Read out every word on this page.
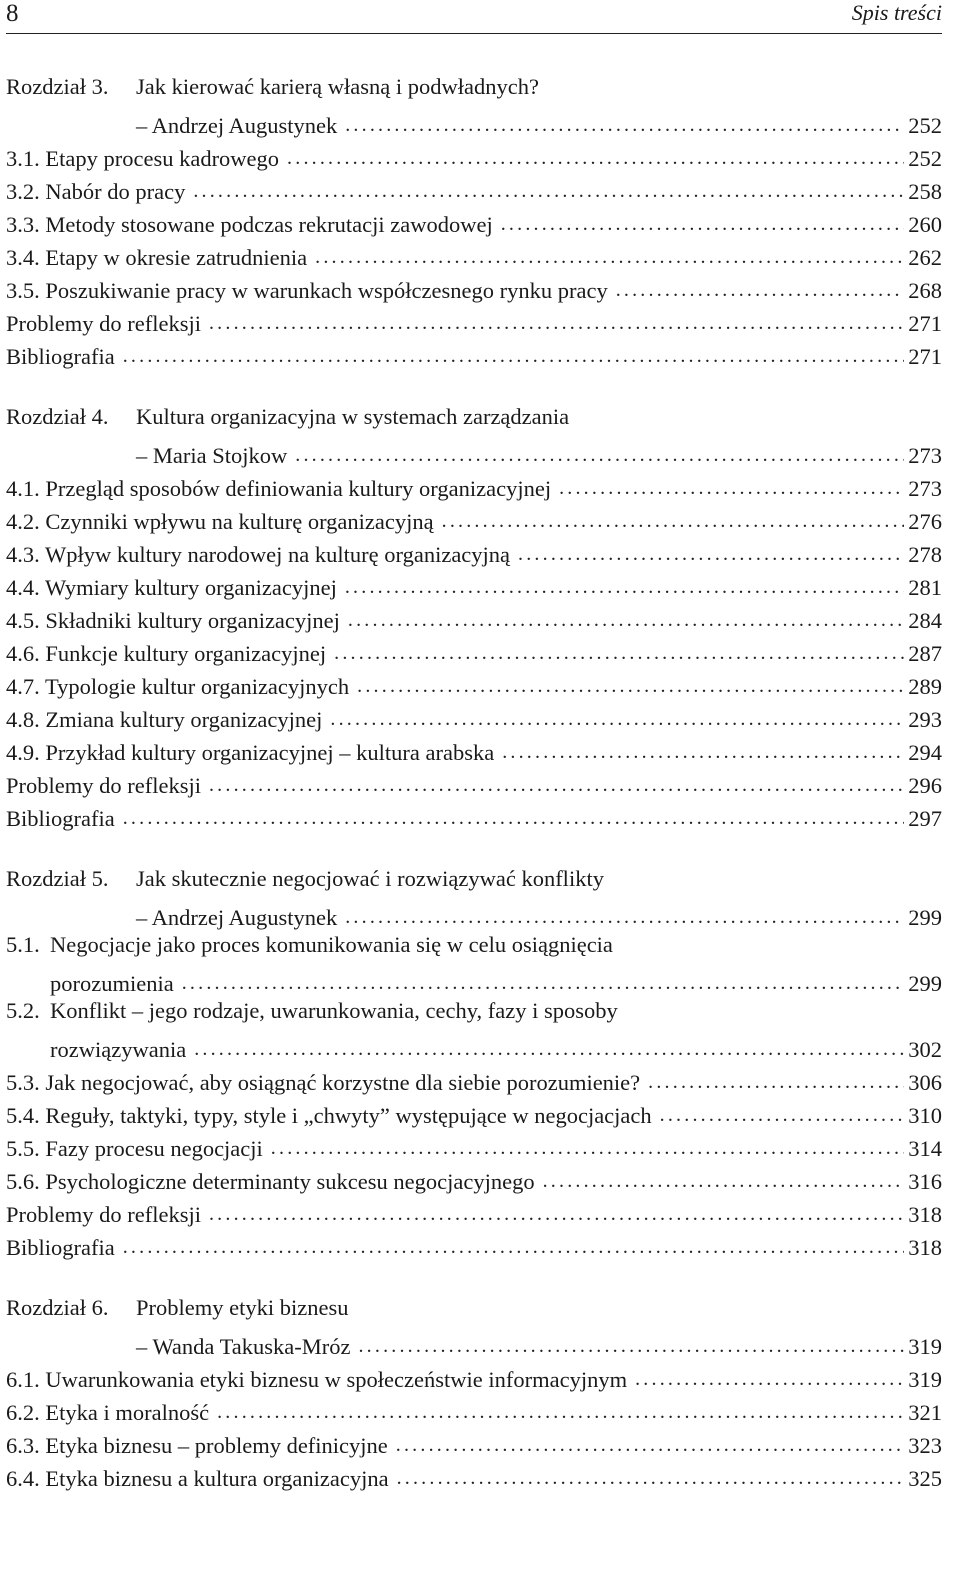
8	Spis treści
Rozdział 3. Jak kierować karierą własną i podwładnych?
– Andrzej Augustynek .....	252
3.1. Etapy procesu kadrowego .....	252
3.2. Nabór do pracy .....	258
3.3. Metody stosowane podczas rekrutacji zawodowej .....	260
3.4. Etapy w okresie zatrudnienia .....	262
3.5. Poszukiwanie pracy w warunkach współczesnego rynku pracy .....	268
Problemy do refleksji .....	271
Bibliografia .....	271
Rozdział 4. Kultura organizacyjna w systemach zarządzania
– Maria Stojkow .....	273
4.1. Przegląd sposobów definiowania kultury organizacyjnej .....	273
4.2. Czynniki wpływu na kulturę organizacyjną .....	276
4.3. Wpływ kultury narodowej na kulturę organizacyjną .....	278
4.4. Wymiary kultury organizacyjnej .....	281
4.5. Składniki kultury organizacyjnej .....	284
4.6. Funkcje kultury organizacyjnej .....	287
4.7. Typologie kultur organizacyjnych .....	289
4.8. Zmiana kultury organizacyjnej .....	293
4.9. Przykład kultury organizacyjnej – kultura arabska .....	294
Problemy do refleksji .....	296
Bibliografia .....	297
Rozdział 5. Jak skutecznie negocjować i rozwiązywać konflikty
– Andrzej Augustynek .....	299
5.1. Negocjacje jako proces komunikowania się w celu osiągnięcia
porozumienia .....	299
5.2. Konflikt – jego rodzaje, uwarunkowania, cechy, fazy i sposoby
rozwiązywania .....	302
5.3. Jak negocjować, aby osiągnąć korzystne dla siebie porozumienie? .....	306
5.4. Reguły, taktyki, typy, style i „chwyty” występujące w negocjacjach .....	310
5.5. Fazy procesu negocjacji .....	314
5.6. Psychologiczne determinanty sukcesu negocjacyjnego .....	316
Problemy do refleksji .....	318
Bibliografia .....	318
Rozdział 6. Problemy etyki biznesu
– Wanda Takuska-Mróz .....	319
6.1. Uwarunkowania etyki biznesu w społeczeństwie informacyjnym .....	319
6.2. Etyka i moralność .....	321
6.3. Etyka biznesu – problemy definicyjne .....	323
6.4. Etyka biznesu a kultura organizacyjna .....	325
